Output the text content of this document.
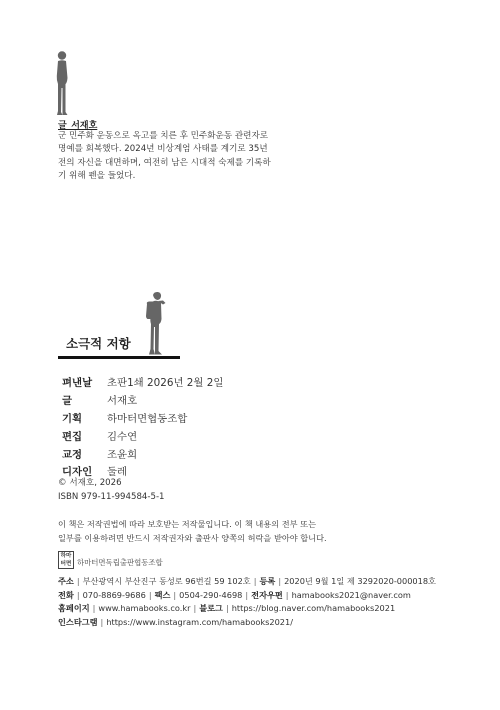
글_서재호
군 민주화 운동으로 옥고를 치른 후 민주화운동 관련자로
명예를 회복했다. 2024년 비상계엄 사태를 계기로 35년
전의 자신을 대면하며, 여전히 남은 시대적 숙제를 기록하
기 위해 펜을 들었다.
소극적 저항
펴낸날	초판1쇄 2026년 2월 2일
글	서재호
기획	하마터면협동조합
편집	김수연
교정	조윤희
디자인	둘레
© 서재호, 2026
ISBN 979-11-994584-5-1
이 책은 저작권법에 따라 보호받는 저작물입니다. 이 책 내용의 전부 또는
일부를 이용하려면 반드시 저작권자와 출판사 양쪽의 허락을 받아야 합니다.
하마
터면 하마터면독립출판협동조합
주소 | 부산광역시 부산진구 동성로 96번길 59 102호 | 등록 | 2020년 9월 1일 제 3292020-000018호
전화 | 070-8869-9686 | 팩스 | 0504-290-4698 | 전자우편 | hamabooks2021@naver.com
홈페이지 | www.hamabooks.co.kr | 블로그 | https://blog.naver.com/hamabooks2021
인스타그램 | https://www.instagram.com/hamabooks2021/
